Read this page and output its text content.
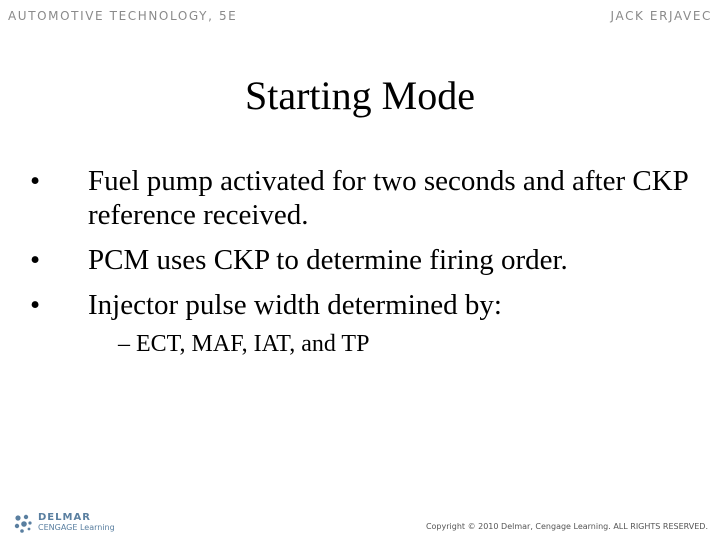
AUTOMOTIVE TECHNOLOGY, 5E	JACK ERJAVEC
Starting Mode
• Fuel pump activated for two seconds and after CKP reference received.
• PCM uses CKP to determine firing order.
• Injector pulse width determined by:
– ECT, MAF, IAT, and TP
DELMAR
CENGAGE Learning	Copyright © 2010 Delmar, Cengage Learning. ALL RIGHTS RESERVED.
